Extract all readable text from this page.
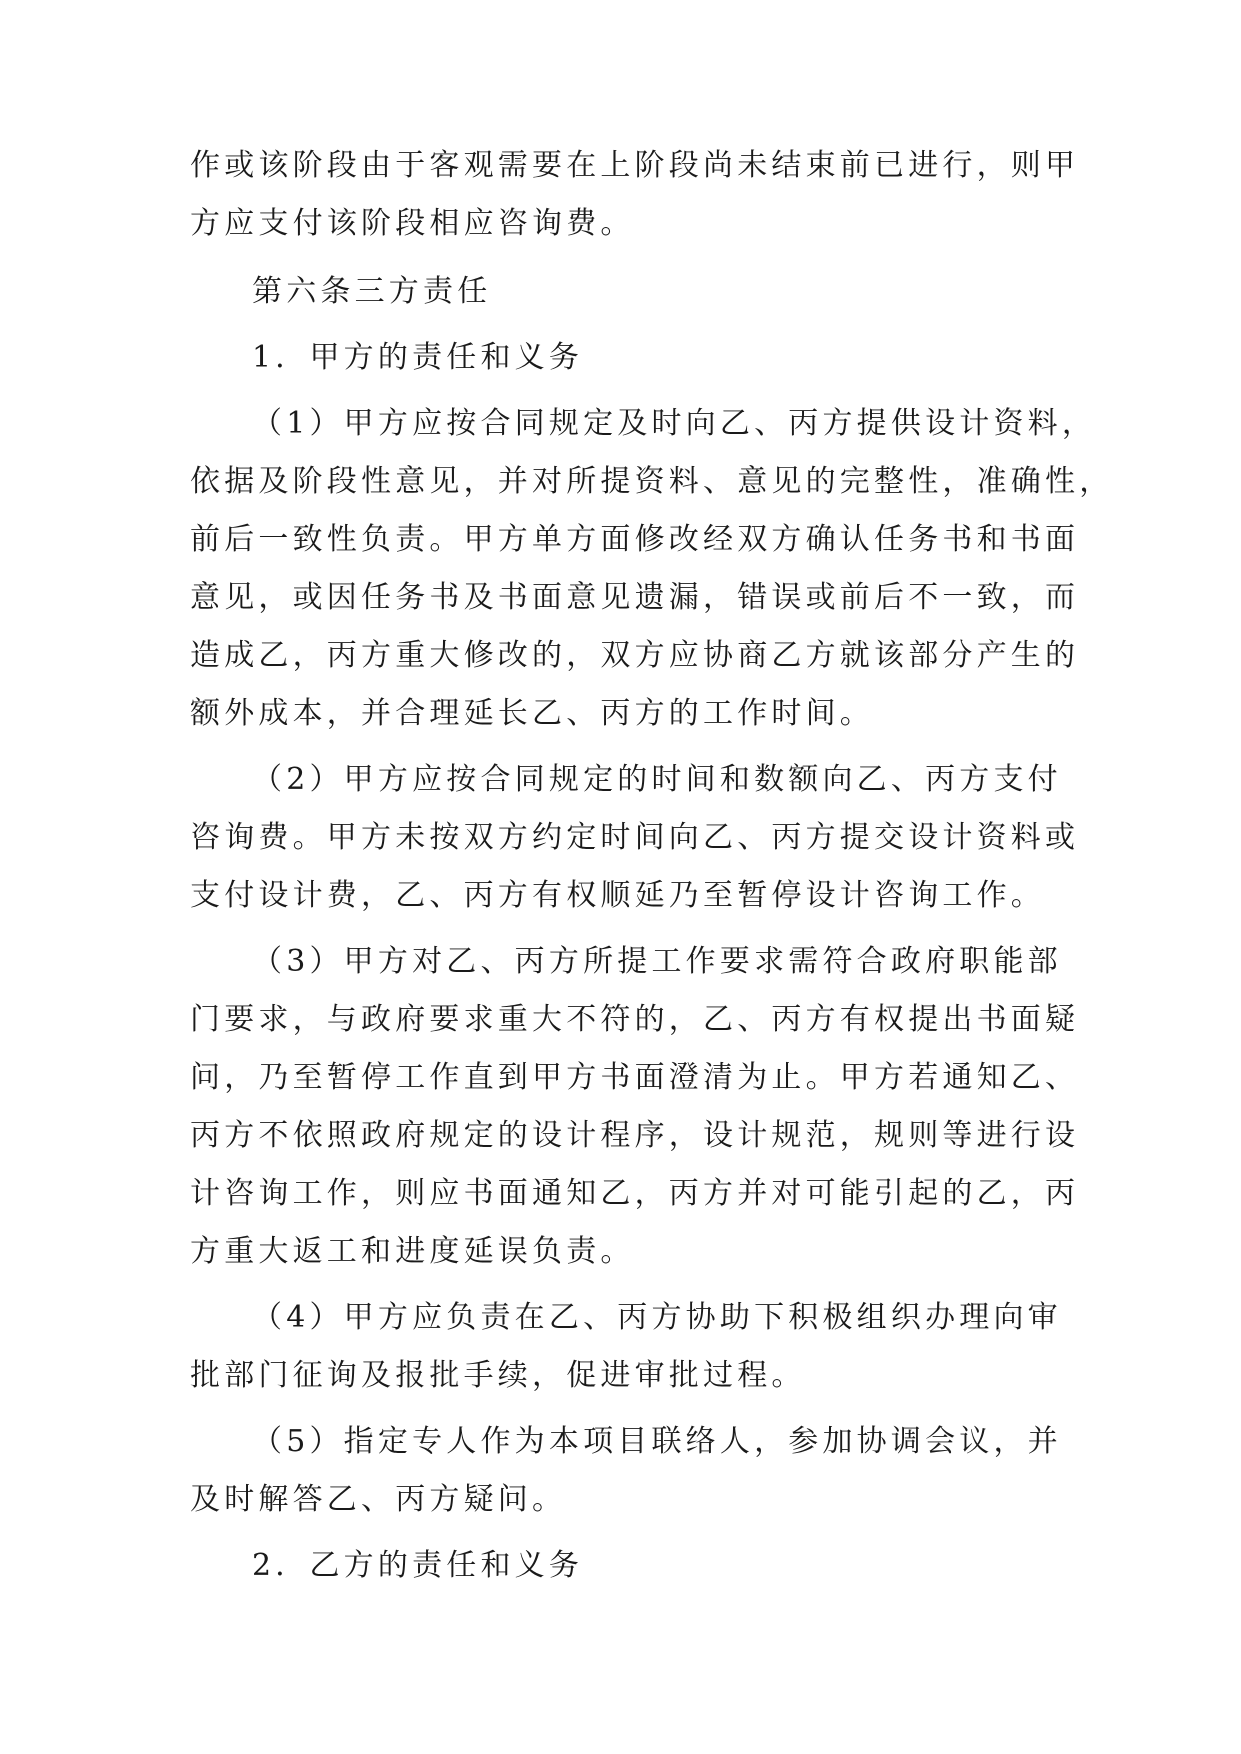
作或该阶段由于客观需要在上阶段尚未结束前已进行，则甲
方应支付该阶段相应咨询费。
第六条三方责任
1．甲方的责任和义务
（1）甲方应按合同规定及时向乙、丙方提供设计资料，
依据及阶段性意见，并对所提资料、意见的完整性，准确性，
前后一致性负责。甲方单方面修改经双方确认任务书和书面
意见，或因任务书及书面意见遗漏，错误或前后不一致，而
造成乙，丙方重大修改的，双方应协商乙方就该部分产生的
额外成本，并合理延长乙、丙方的工作时间。
（2）甲方应按合同规定的时间和数额向乙、丙方支付
咨询费。甲方未按双方约定时间向乙、丙方提交设计资料或
支付设计费，乙、丙方有权顺延乃至暂停设计咨询工作。
（3）甲方对乙、丙方所提工作要求需符合政府职能部
门要求，与政府要求重大不符的，乙、丙方有权提出书面疑
问，乃至暂停工作直到甲方书面澄清为止。甲方若通知乙、
丙方不依照政府规定的设计程序，设计规范，规则等进行设
计咨询工作，则应书面通知乙，丙方并对可能引起的乙，丙
方重大返工和进度延误负责。
（4）甲方应负责在乙、丙方协助下积极组织办理向审
批部门征询及报批手续，促进审批过程。
（5）指定专人作为本项目联络人，参加协调会议，并
及时解答乙、丙方疑问。
2．乙方的责任和义务
